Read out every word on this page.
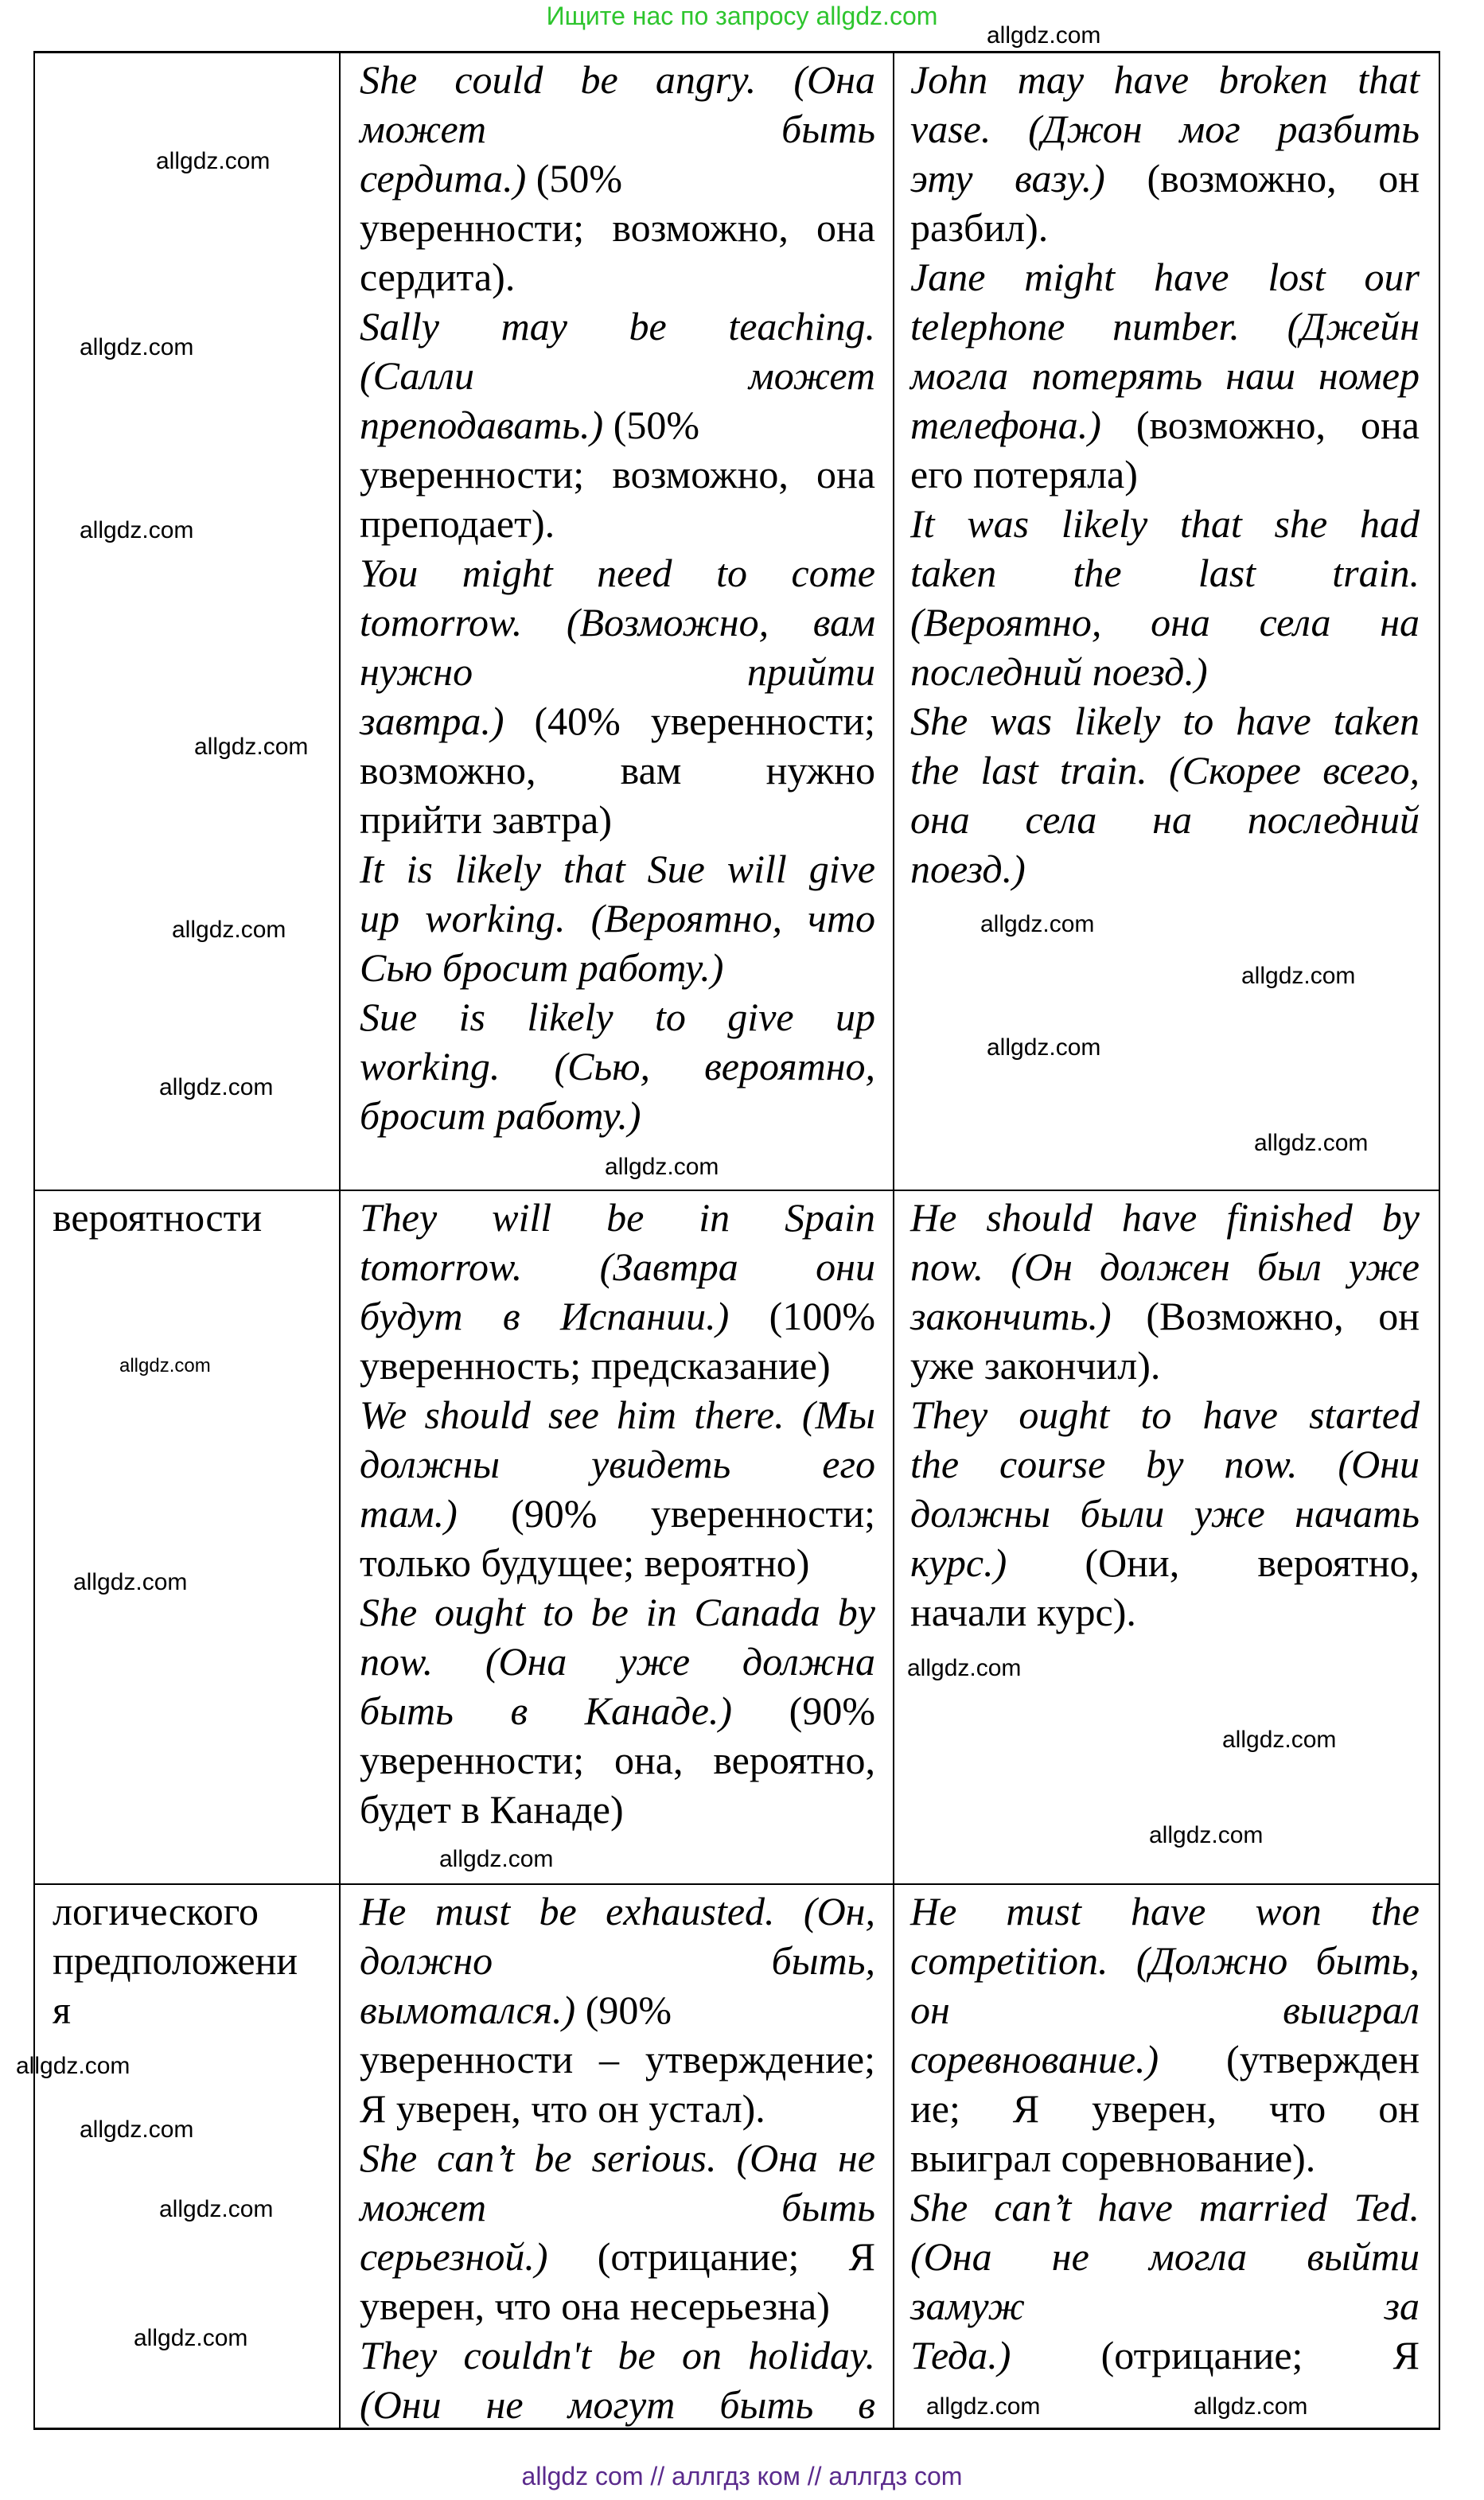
Ищите нас по запросу allgdz.com
She could be angry. (Она
может быть
сердита.) (50%
уверенности; возможно, она
сердита).
Sally may be teaching.
(Салли может
преподавать.) (50%
уверенности; возможно, она
преподает).
You might need to come
tomorrow. (Возможно, вам
нужно прийти
завтра.) (40% уверенности;
возможно, вам нужно
прийти завтра)
It is likely that Sue will give
up working. (Вероятно, что
Сью бросит работу.)
Sue is likely to give up
working. (Сью, вероятно,
бросит работу.)
John may have broken that
vase. (Джон мог разбить
эту вазу.) (возможно, он
разбил).
Jane might have lost our
telephone number. (Джейн
могла потерять наш номер
телефона.) (возможно, она
его потеряла)
It was likely that she had
taken the last train.
(Вероятно, она села на
последний поезд.)
She was likely to have taken
the last train. (Скорее всего,
она села на последний
поезд.)
вероятности	They will be in Spain
tomorrow. (Завтра они
будут в Испании.) (100%
уверенность; предсказание)
We should see him there. (Мы
должны увидеть его
там.) (90% уверенности;
только будущее; вероятно)
She ought to be in Canada by
now. (Она уже должна
быть в Канаде.) (90%
уверенности; она, вероятно,
будет в Канаде)
He should have finished by
now. (Он должен был уже
закончить.) (Возможно, он
уже закончил).
They ought to have started
the course by now. (Они
должны были уже начать
курс.) (Они, вероятно,
начали курс).
логического
предположени
я
He must be exhausted. (Он,
должно быть,
вымотался.) (90%
уверенности – утверждение;
Я уверен, что он устал).
She can’t be serious. (Она не
может быть
серьезной.) (отрицание; Я
уверен, что она несерьезна)
They couldn't be on holiday.
(Они не могут быть в
He must have won the
competition. (Должно быть,
он выиграл
соревнование.) (утвержден
ие; Я уверен, что он
выиграл соревнование).
She can’t have married Ted.
(Она не могла выйти
замуж за
Теда.) (отрицание; Я
allgdz.com
allgdz.com
allgdz.com
allgdz.com
allgdz.com
allgdz.com
allgdz.com
allgdz.com
allgdz.com
allgdz.com
allgdz.com
allgdz.com
allgdz.com
allgdz.com
allgdz.com
allgdz.com
allgdz.com
allgdz.com
allgdz.com
allgdz.com
allgdz.com
allgdz.com
allgdz.com
allgdz.com
allgdz com // аллгдз ком // аллгдз com
